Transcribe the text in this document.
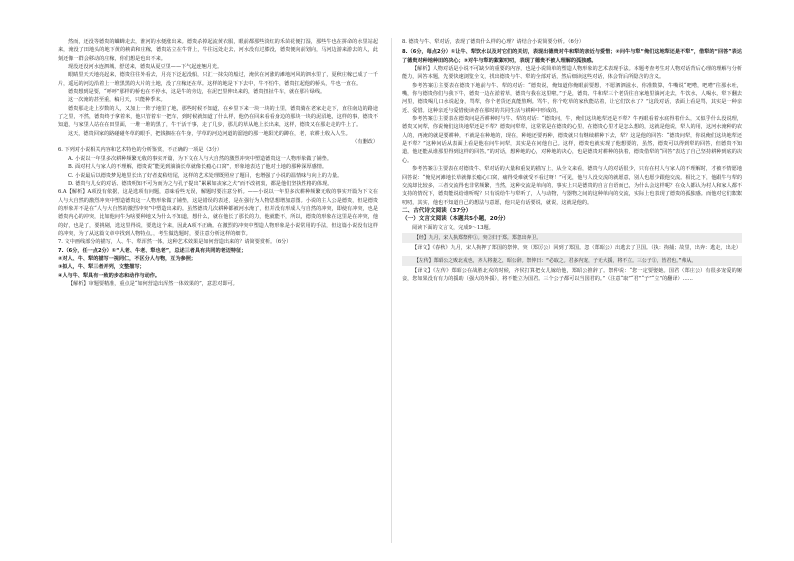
然而，还没等德贵的蛐蝉走去，淮河的水便涨出来。德贵杀掉起流黄衣服，眼前都那些淡红的禾苗花便打湿，那些牛也在拼命的水里站起来，淹没了田地头的地下黄的秧苗和庄稼，德贵站立在牛背上，牛往远处走去，河水没有过膝没，德贵便向前划向，马河边游来游去的人，此刻还像一群会移动的庄稼，你们想是也出不来。

现没还没河水连泗城，舒送来，德贵从夏豆里——下气起连翘月光。

眼睛里天天地亮起来，德贵往往外看去，月亮下泛起没船，只汇一抹尖的船过，淹伏在河涨的滩地河风的泗水里了，夏秋庄稼已成了一千片，遥远的河边沿着上一堆黑黑的大片的土地，没了庄稼还在草。这样的地是下下去中，牛不怕牛，德贵扛起他的桥头，牛也一直在。

德贵想到是要，“呼呼”那样的桥也在不停水，这是牛的旁边，在泥巴里伸出来的，德贵扭扯牛车，就在那片绿线。

这一次淹的甚至重，稿月天，只能种季末。

德贵那走走上岁数的人，又加上一阵子地里了地，那些时候不知道，在乡里下来一块一块的土里，德贵骑在老家走走下，直往南边的路途了之里，不然，德贵终于拿着米，他只管着车一把车，到时候就知道了什么样，他仍在回来看看身边的那块一块的泥沼地，这样的事，德贵不知道，与家里人站在在田里面，一堆一堆的黑了，牛干活干事，走了几步，那儿的草从地上长出来，这样，德贵又在那走走的牛上了。

这天，德贵回家的路碰碰冬草的眼手，把钱搁在在牛身，学草的河边河道的溜池的那一地阳光的蹲在，老，农耕土收入人生。

（有删改）

6. 下列对小说相关内容和艺术特色的分析鉴赏，不正确的一项是（3分）

A. 小说以一年里多次耕种频繁无收的事实开篇，为下文在人与大自然的激烈冲突中塑造德贵这一人物形象做了铺垫。

B. 面对村人与家人的不理解，德贵说“能见到淌淌长草就像长瘾心口窝”，形象地表达了他对土地的那种深厚感情。

C. 小说最后以德贵梦见地里长出了好者麦秸结尾，这样的艺术处理既照应了题目，也增强了小说的温情味与向上的力量。

D. 德贵与儿女的对话、德贵明知不可为而为之与孔子提出“累累如丧家之犬”而不改初衷，都是他们坚执性格的体现。

6.A【解析】A项没有依据，这是选项有问题，意味看些无误，解题时要注意分析。——小说以一年里多次耕种频繁无收的事实开篇为下文在人与大自然的激烈冲突中塑造德贵这一人物形象做了铺垫，这是错误的表述，是在强行为人物思想增加意图。小说的主人公是德贵，但是德贵的形象并不是在“人与大自然的激烈冲突”中塑造出来的。虽然德贵几次耕种都被河水淹了，但并没有形成人与自然的冲突，即使有冲突，也是德贵内心的冲突，比如他问牛为啥要种地又为什么不知道，想什么，就在他长了那长的力，他就能不，所以，德贵的形象在这里是在冲突，他的好，也是了，要挑剔，选这里得说，要选这个来，因此A项不正确。在激烈的冲突中塑造人物形象是小说常用的手法，但这篇小说没有这样的冲突，为了从这篇文章中找到人物特点。，考生做选题时，要注意分析这样的细节。

7. 文中画线部分的描写，人、牛、犁浑然一体，这种艺术效果是如何营造出来的？请简要赏析。（6分）

7.（6分，任一点2分）①“人老、牛老、犁也老”，总述三者具有共同的老迈特征；

②对人、牛、犁的描写一视同仁，不区分人与物，互为参照；

③拟人，牛、犁三者并列，文整描写；

④人与牛、犁具有一致的步态和动作与动作。

【解析】审题要精准，重点是“如何营造出浑然一体效果的”，意思对即可。

8. 德贵与牛、犁对话，表现了德贵什么样的心理？请结合小说简要分析。（6分）

8.（6分，每点2分）①让牛、犁饮水以及对它们的关切，表现出德贵对牛和犁的亲近与爱惜；②问牛与犁“俺们这地犁还是不犁”，借犁的“回答”表达了德贵对种地种田的决心；③对牛与犁的絮絮叨叨，表现了德贵不被人理解的孤独感。

【解析】人物对话是小说不可缺少的重要的内容，也是小说简单的塑造人物形象的艺术表现手法。本题考查考生对人物对话背后心理的理解与分析能力，回答本题，先要快速浏览全文，找出德贵与牛、犁的全部对话，然后细读这些对话，体会背后所隐含的含义。

参考答案①主要表在德贵下地前与牛、犁的对话：“德贵说，俺知道你俺眼前要想，不愿泗泗滋水，你准数算，牛嘴说“吧嗒，吧嗒”往那水吐，嘴，你与德贵你们与我下牛，德贵一边在淤着草，德贵与我在这里啦。”于是，德贵、牛和犁三个老货往自家地里淌河走去，牛饮水，人喝水，犁下翻去河里，德贵喝几口水说起身，骂犁，你个老货还真能熬咧。骂牛，你个吃草的家伙能站着，让它们饮水了？”这段对话，表面上看是骂，其实是一种亲近、爱惜。这种亲近与爱惜使读者在那时的共同生活与耕种中形成的。

参考答案②主要表在德贵问是否耕种时与牛、犁的对话：“德贵问，牛，俺们这块地犁还是不犁？牛再眼看着水底得着什么，又似乎什么没说理，德贵又问犁，你说俺们这块地犁还是不犁？德贵问犁犁，这常常是在德贵的心里，在德贵心里才是怎么想的，这就是他说，犁人的用，这河水淹种的农人的，再淹的就是要耕种，不就是在种地的，现在，种地还要再种，德贵就只有继续耕种下去，犁？这是他的回答：“德贵问犁，你说俺们这块地犁还是不犁？”这种问话从表面上看是他在问牛问犁，其实是在问他自己。这样，德贵也就实现了他想要的，虽然，德贵可以得到犁的回答，但德贵不知道，他还能从谁那里得到这样的回答。”的对话，想种地的心，对种地的决心，也是德贵对耕种的执着，德贵借犁的“回答”表达了自己坚持耕种到底的决心。

参考答案③主要表在对德贵牛、犁对话的大量和重复的描写上，从全文来看，德贵与人的对话很少，只有在村人与家人的不理解时，才被不情愿地回答说：“俺见河滩地长草就像长瘾心口窝，痛得受难就受不看过呀！”可见，他与人没交流的就愿意，别人也愿少跟他交流。相比之下，他跟牛与犁的交流却比较多，三者交流得也非常频繁，当然，这种交流是单向的，事实上只是德贵的自言自语而已，为什么会这样呢？在众人都认为村人和家人都不支持的情况下，德贵能说给谁听呢？只有说给牛与犁听了，人与动物，与器物之间的这种单向的交流，实际上也表现了德贵的孤独感。而他对它们絮絮叨叨，其实，他也不知道自己的想法与意愿，他只是有话要说，就说，这就是他的。

二、古代诗文阅读（37分）

（一）文言文阅读（本题共5小题，20分）

阅读下面的文言文，完成9～13题。

【经】九月，宋人执郑祭仲①。突②归于郑。郑忽出奔卫。

【译文】《春秋》九月，宋人拘押了郑国的祭仲。突（郑厉公）回到了郑国。忽（郑昭公）出逃去了卫国。（执：拘捕；故里，出奔：逃走，出走）

【左传】郑昭公之败北戎也，齐人将妻之，昭公辞。祭仲曰：“必取之。君多内宠，子无大援，将不立。三公子③，皆君也。”弗从。

【译文】《左传》郑昭公在战胜北戎的时候，齐侯打算把女儿嫁给他，郑昭公推辞了。祭仲说：“您一定要娶她。国君（郑庄公）有很多宠爱的姬妾，您如果没有有力的援助（强大的外援），将不能立为国君。三个公子都可以当国君的。”（注意“取”“君”“子”“立”的翻译）……
